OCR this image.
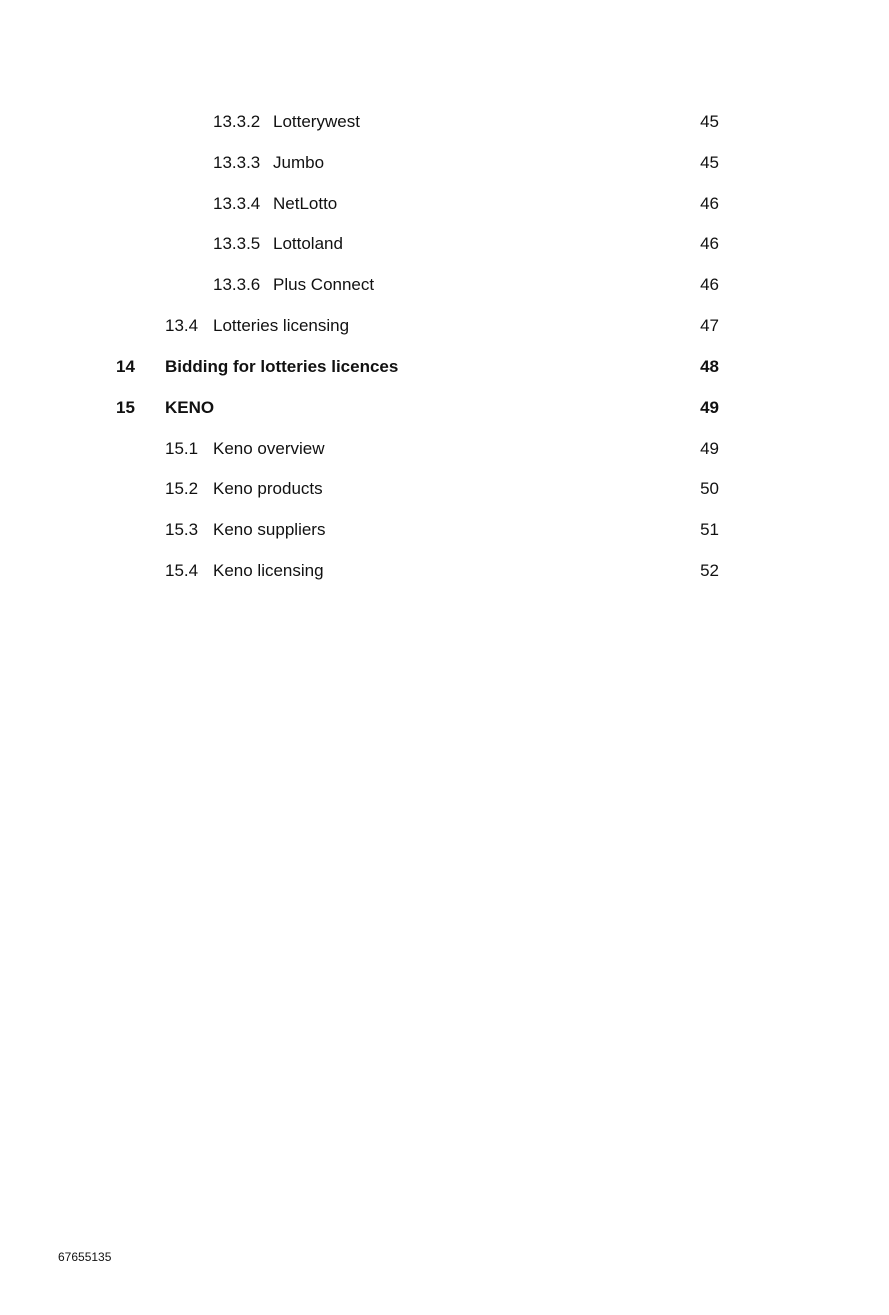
13.3.2 Lotterywest	45
13.3.3 Jumbo	45
13.3.4 NetLotto	46
13.3.5 Lottoland	46
13.3.6 Plus Connect	46
13.4 Lotteries licensing	47
14 Bidding for lotteries licences	48
15 KENO	49
15.1 Keno overview	49
15.2 Keno products	50
15.3 Keno suppliers	51
15.4 Keno licensing	52
67655135
